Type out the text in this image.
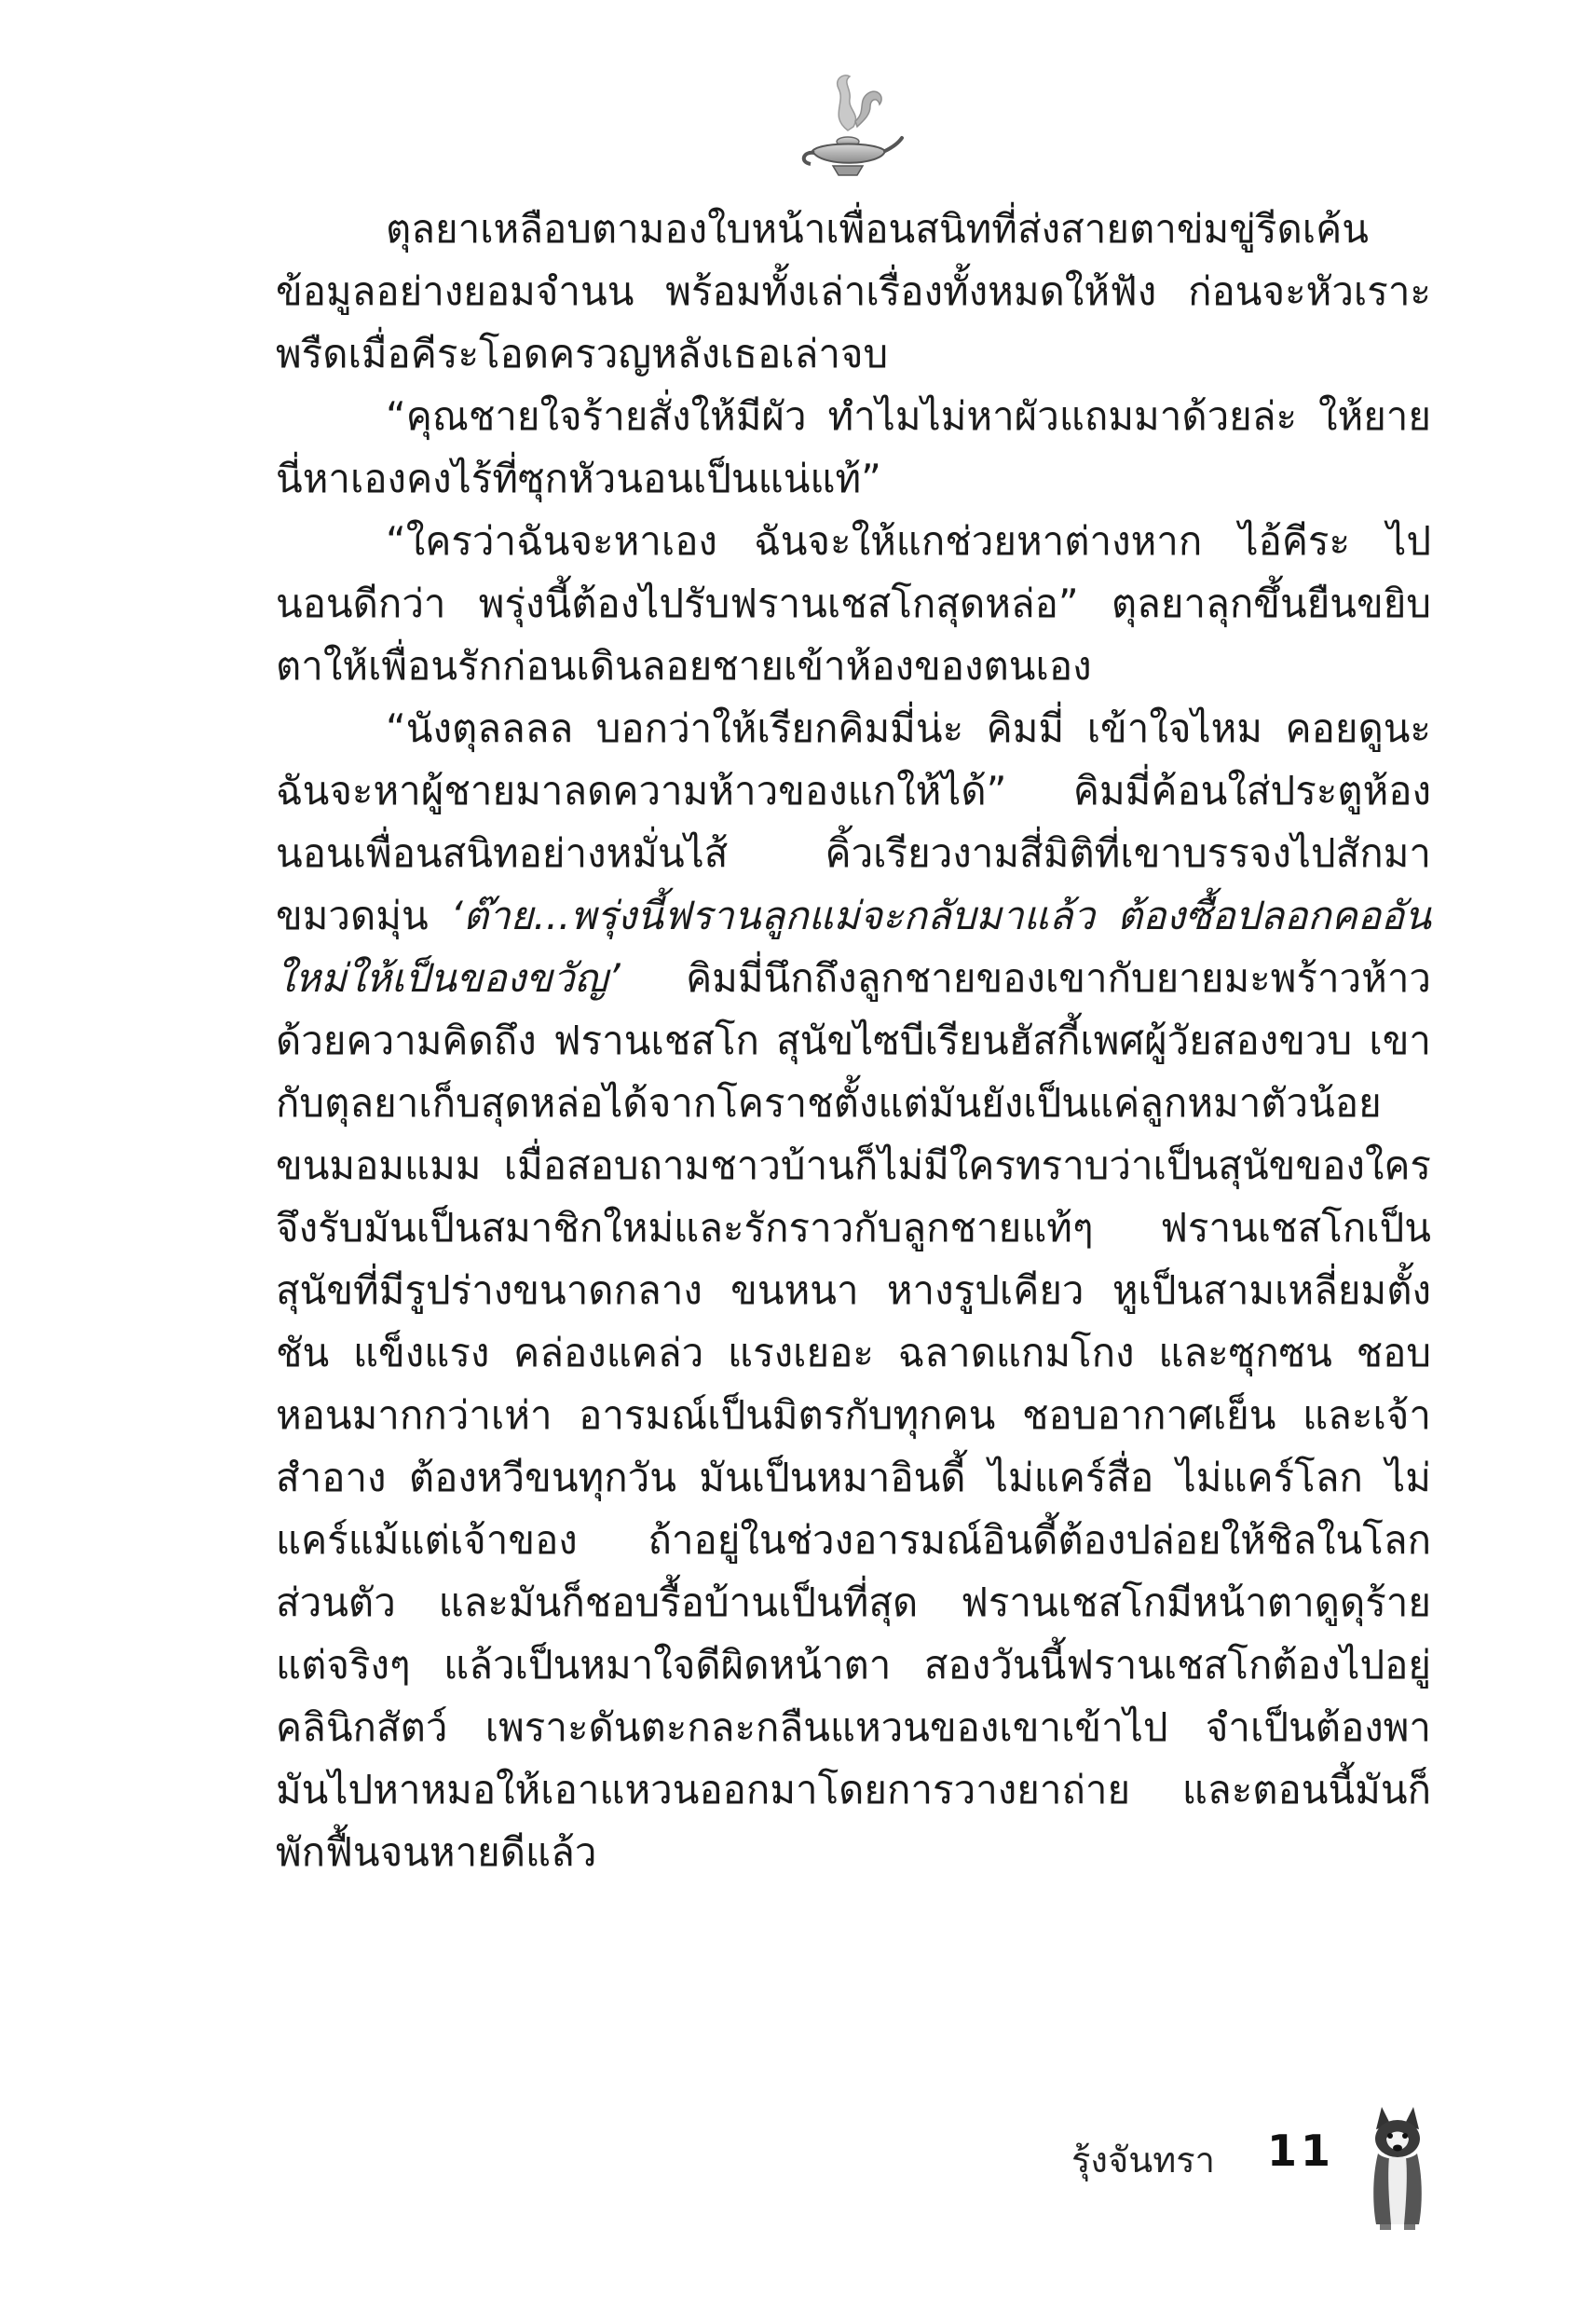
ตุลยาเหลือบตามองใบหน้าเพื่อนสนิทที่ส่งสายตาข่มขู่รีดเค้นข้อมูลอย่างยอมจำนน พร้อมทั้งเล่าเรื่องทั้งหมดให้ฟัง ก่อนจะหัวเราะพรืดเมื่อคีระโอดครวญหลังเธอเล่าจบ

“คุณชายใจร้ายสั่งให้มีผัว ทำไมไม่หาผัวแถมมาด้วยล่ะ ให้ยายนี่หาเองคงไร้ที่ซุกหัวนอนเป็นแน่แท้”

“ใครว่าฉันจะหาเอง ฉันจะให้แกช่วยหาต่างหาก ไอ้คีระ ไปนอนดีกว่า พรุ่งนี้ต้องไปรับฟรานเชสโกสุดหล่อ” ตุลยาลุกขึ้นยืนขยิบตาให้เพื่อนรักก่อนเดินลอยชายเข้าห้องของตนเอง

“นังตุลลลล บอกว่าให้เรียกคิมมี่น่ะ คิมมี่ เข้าใจไหม คอยดูนะ ฉันจะหาผู้ชายมาลดความห้าวของแกให้ได้” คิมมี่ค้อนใส่ประตูห้องนอนเพื่อนสนิทอย่างหมั่นไส้ คิ้วเรียวงามสี่มิติที่เขาบรรจงไปสักมาขมวดมุ่น ‘ต๊าย...พรุ่งนี้ฟรานลูกแม่จะกลับมาแล้ว ต้องซื้อปลอกคออันใหม่ให้เป็นของขวัญ’ คิมมี่นึกถึงลูกชายของเขากับยายมะพร้าวห้าวด้วยความคิดถึง ฟรานเชสโก สุนัขไซบีเรียนฮัสกี้เพศผู้วัยสองขวบ เขากับตุลยาเก็บสุดหล่อได้จากโคราชตั้งแต่มันยังเป็นแค่ลูกหมาตัวน้อยขนมอมแมม เมื่อสอบถามชาวบ้านก็ไม่มีใครทราบว่าเป็นสุนัขของใคร จึงรับมันเป็นสมาชิกใหม่และรักราวกับลูกชายแท้ๆ ฟรานเชสโกเป็นสุนัขที่มีรูปร่างขนาดกลาง ขนหนา หางรูปเคียว หูเป็นสามเหลี่ยมตั้งชัน แข็งแรง คล่องแคล่ว แรงเยอะ ฉลาดแกมโกง และซุกซน ชอบหอนมากกว่าเห่า อารมณ์เป็นมิตรกับทุกคน ชอบอากาศเย็น และเจ้าสำอาง ต้องหวีขนทุกวัน มันเป็นหมาอินดี้ ไม่แคร์สื่อ ไม่แคร์โลก ไม่แคร์แม้แต่เจ้าของ ถ้าอยู่ในช่วงอารมณ์อินดี้ต้องปล่อยให้ชิลในโลกส่วนตัว และมันก็ชอบรื้อบ้านเป็นที่สุด ฟรานเชสโกมีหน้าตาดูดุร้าย แต่จริงๆ แล้วเป็นหมาใจดีผิดหน้าตา สองวันนี้ฟรานเชสโกต้องไปอยู่คลินิกสัตว์ เพราะดันตะกละกลืนแหวนของเขาเข้าไป จำเป็นต้องพามันไปหาหมอให้เอาแหวนออกมาโดยการวางยาถ่าย และตอนนี้มันก็พักฟื้นจนหายดีแล้ว

รุ้งจันทรา 11
